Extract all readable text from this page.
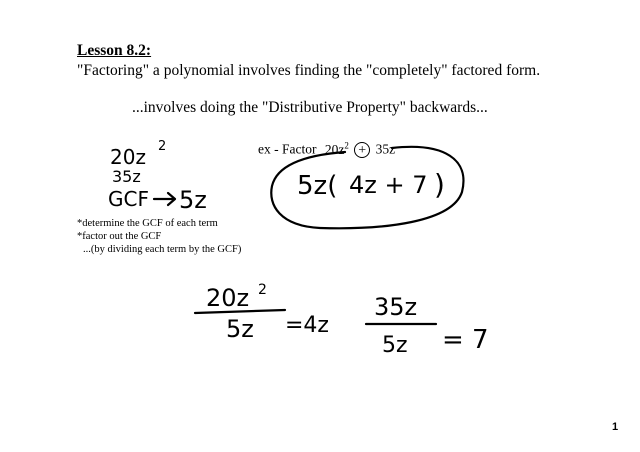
Lesson 8.2:
"Factoring" a polynomial involves finding the "completely" factored form.
...involves doing the "Distributive Property" backwards...
ex - Factor $20z^2 + 35z$
*determine the GCF of each term
*factor out the GCF
...(by dividing each term by the GCF)
20z 2
35z
GCF 5z	5z( 4z + 7 )
20z 2
5z =4z
35z
5z = 7
1
